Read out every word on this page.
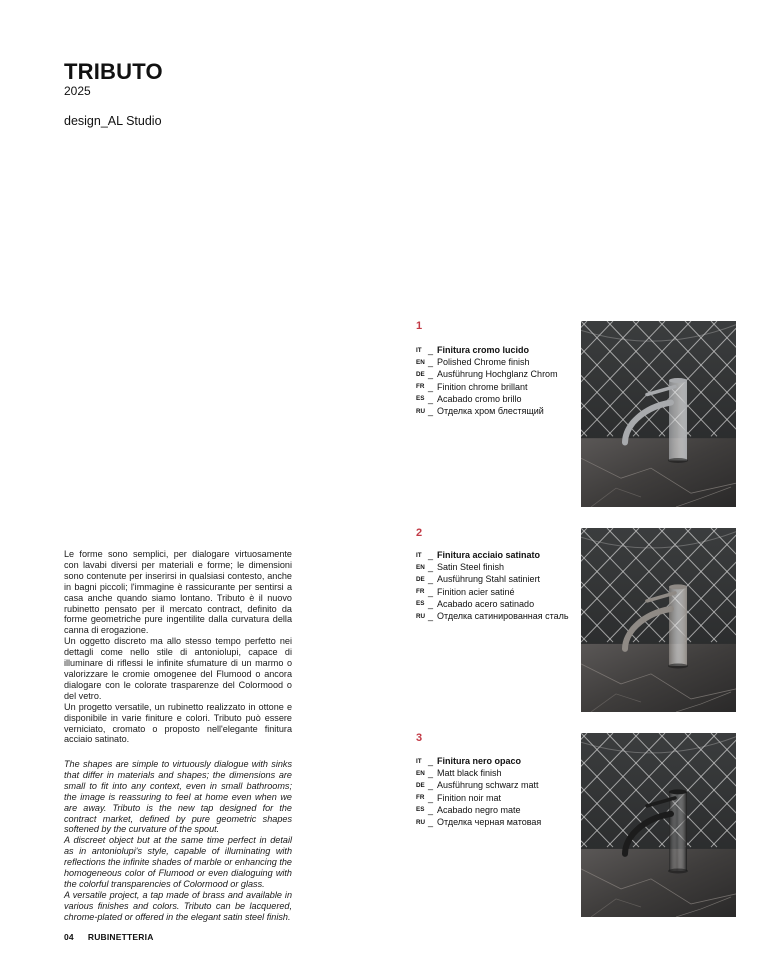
TRIBUTO
2025
design_AL Studio

Le forme sono semplici, per dialogare virtuosamente con lavabi diversi per materiali e forme; le dimensioni sono contenute per inserirsi in qualsiasi contesto, anche in bagni piccoli; l'immagine è rassicurante per sentirsi a casa anche quando siamo lontano. Tributo è il nuovo rubinetto pensato per il mercato contract, definito da forme geometriche pure ingentilite dalla curvatura della canna di erogazione.

Un oggetto discreto ma allo stesso tempo perfetto nei dettagli come nello stile di antoniolupi, capace di illuminare di riflessi le infinite sfumature di un marmo o valorizzare le cromie omogenee del Flumood o ancora dialogare con le colorate trasparenze del Colormood o del vetro.

Un progetto versatile, un rubinetto realizzato in ottone e disponibile in varie finiture e colori. Tributo può essere verniciato, cromato o proposto nell'elegante finitura acciaio satinato.

The shapes are simple to virtuously dialogue with sinks that differ in materials and shapes; the dimensions are small to fit into any context, even in small bathrooms; the image is reassuring to feel at home even when we are away. Tributo is the new tap designed for the contract market, defined by pure geometric shapes softened by the curvature of the spout.

A discreet object but at the same time perfect in detail as in antoniolupi's style, capable of illuminating with reflections the infinite shades of marble or enhancing the homogeneous color of Flumood or even dialoguing with the colorful transparencies of Colormood or glass.

A versatile project, a tap made of brass and available in various finishes and colors. Tributo can be lacquered, chrome-plated or offered in the elegant satin steel finish.

1
IT _ Finitura cromo lucido
EN _ Polished Chrome finish
DE _ Ausführung Hochglanz Chrom
FR _ Finition chrome brillant
ES _ Acabado cromo brillo
RU _ Отделка хром блестящий
2
IT _ Finitura acciaio satinato
EN _ Satin Steel finish
DE _ Ausführung Stahl satiniert
FR _ Finition acier satiné
ES _ Acabado acero satinado
RU _ Отделка сатинированная сталь
3
IT _ Finitura nero opaco
EN _ Matt black finish
DE _ Ausführung schwarz matt
FR _ Finition noir mat
ES _ Acabado negro mate
RU _ Отделка черная матовая
04 RUBINETTERIA
